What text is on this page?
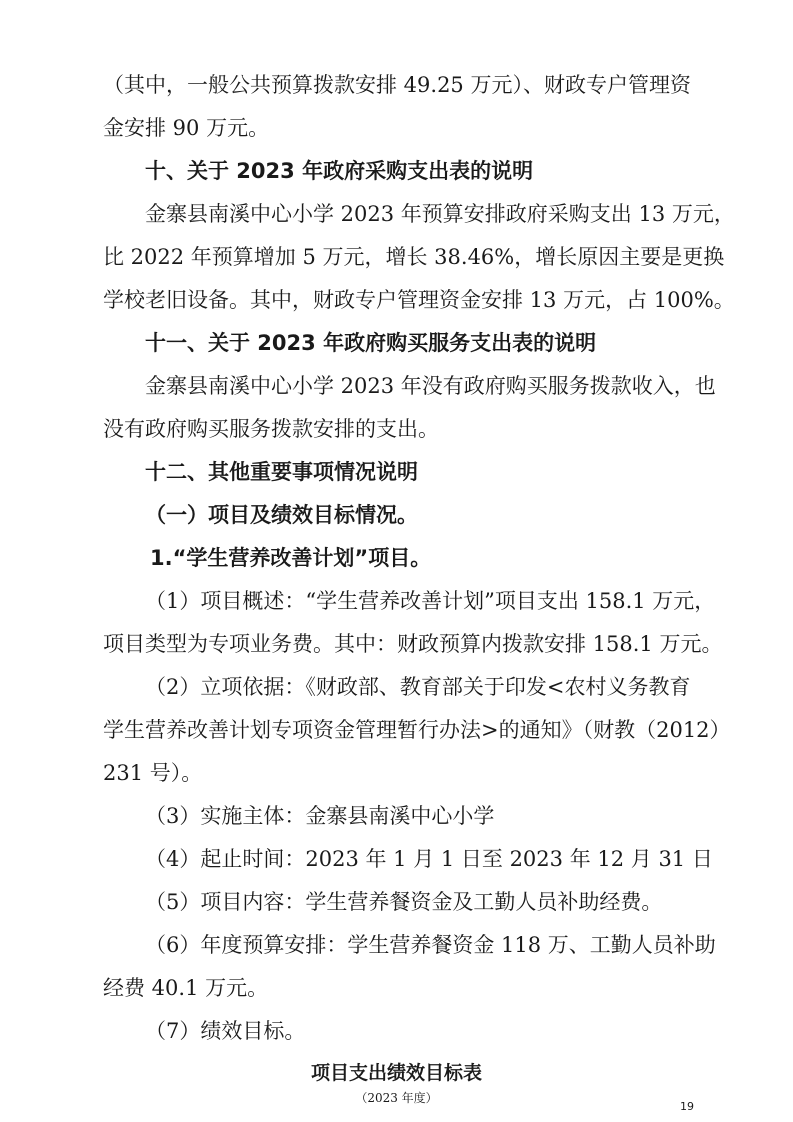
（其中，一般公共预算拨款安排 49.25 万元）、财政专户管理资
金安排 90 万元。
十、关于 2023 年政府采购支出表的说明
金寨县南溪中心小学 2023 年预算安排政府采购支出 13 万元，
比 2022 年预算增加 5 万元，增长 38.46%，增长原因主要是更换
学校老旧设备。其中，财政专户管理资金安排 13 万元，占 100%。
十一、关于 2023 年政府购买服务支出表的说明
金寨县南溪中心小学 2023 年没有政府购买服务拨款收入，也
没有政府购买服务拨款安排的支出。
十二、其他重要事项情况说明
（一）项目及绩效目标情况。
1.“学生营养改善计划”项目。
（1）项目概述：“学生营养改善计划”项目支出 158.1 万元，
项目类型为专项业务费。其中：财政预算内拨款安排 158.1 万元。
（2）立项依据：《财政部、教育部关于印发<农村义务教育
学生营养改善计划专项资金管理暂行办法>的通知》（财教（2012）
231 号）。
（3）实施主体：金寨县南溪中心小学
（4）起止时间：2023 年 1 月 1 日至 2023 年 12 月 31 日
（5）项目内容：学生营养餐资金及工勤人员补助经费。
（6）年度预算安排：学生营养餐资金 118 万、工勤人员补助
经费 40.1 万元。
（7）绩效目标。
项目支出绩效目标表
（2023 年度）
19
